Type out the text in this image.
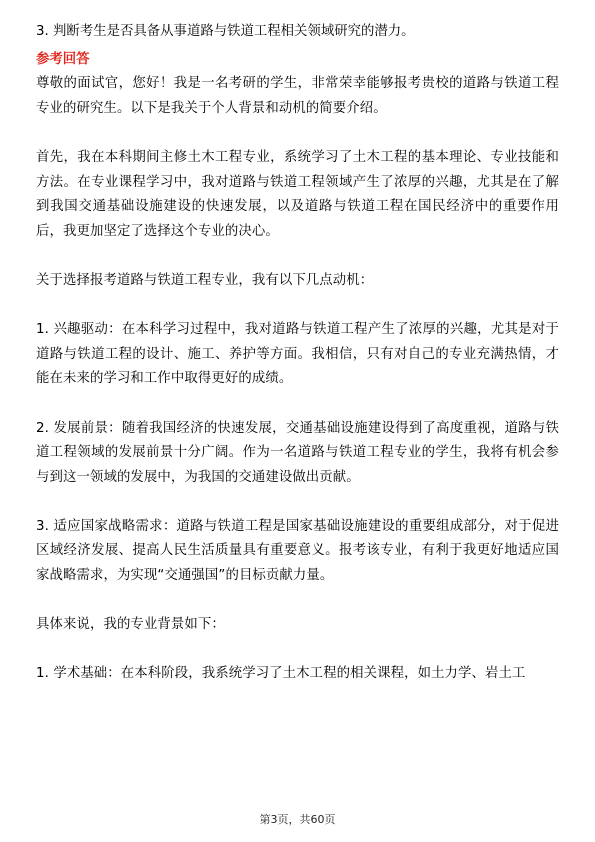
3. 判断考生是否具备从事道路与铁道工程相关领域研究的潜力。

参考回答

尊敬的面试官，您好！我是一名考研的学生，非常荣幸能够报考贵校的道路与铁道工程专业的研究生。以下是我关于个人背景和动机的简要介绍。

首先，我在本科期间主修土木工程专业，系统学习了土木工程的基本理论、专业技能和方法。在专业课程学习中，我对道路与铁道工程领域产生了浓厚的兴趣，尤其是在了解到我国交通基础设施建设的快速发展，以及道路与铁道工程在国民经济中的重要作用后，我更加坚定了选择这个专业的决心。

关于选择报考道路与铁道工程专业，我有以下几点动机：

1. 兴趣驱动：在本科学习过程中，我对道路与铁道工程产生了浓厚的兴趣，尤其是对于道路与铁道工程的设计、施工、养护等方面。我相信，只有对自己的专业充满热情，才能在未来的学习和工作中取得更好的成绩。

2. 发展前景：随着我国经济的快速发展，交通基础设施建设得到了高度重视，道路与铁道工程领域的发展前景十分广阔。作为一名道路与铁道工程专业的学生，我将有机会参与到这一领域的发展中，为我国的交通建设做出贡献。

3. 适应国家战略需求：道路与铁道工程是国家基础设施建设的重要组成部分，对于促进区域经济发展、提高人民生活质量具有重要意义。报考该专业，有利于我更好地适应国家战略需求，为实现“交通强国”的目标贡献力量。

具体来说，我的专业背景如下：

1. 学术基础：在本科阶段，我系统学习了土木工程的相关课程，如土力学、岩土工

第3页，共60页
